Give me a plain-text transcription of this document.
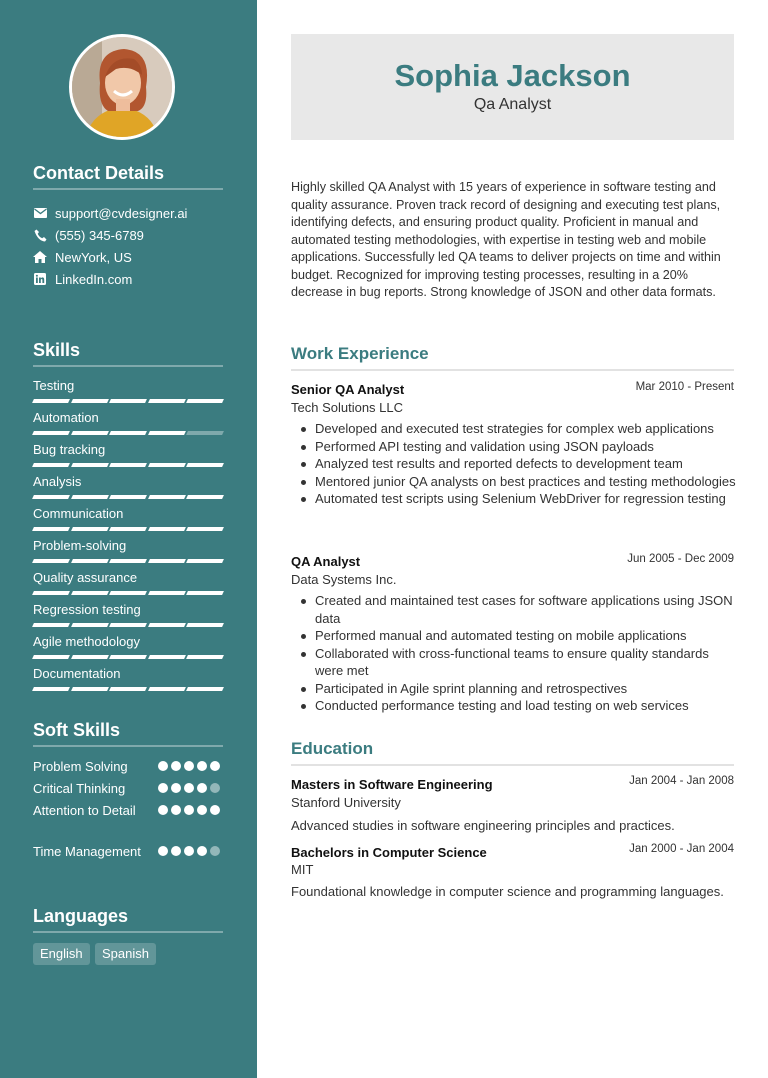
Contact Details
support@cvdesigner.ai
(555) 345-6789
NewYork, US
LinkedIn.com
Skills
Testing
Automation
Bug tracking
Analysis
Communication
Problem-solving
Quality assurance
Regression testing
Agile methodology
Documentation
Soft Skills
Problem Solving
Critical Thinking
Attention to Detail
Time Management
Languages
English	Spanish
Sophia Jackson
Qa Analyst
Highly skilled QA Analyst with 15 years of experience in software testing and quality assurance. Proven track record of designing and executing test plans, identifying defects, and ensuring product quality. Proficient in manual and automated testing methodologies, with expertise in testing web and mobile applications. Successfully led QA teams to deliver projects on time and within budget. Recognized for improving testing processes, resulting in a 20% decrease in bug reports. Strong knowledge of JSON and other data formats.
Work Experience
Senior QA Analyst	Mar 2010 - Present
Tech Solutions LLC
Developed and executed test strategies for complex web applications
Performed API testing and validation using JSON payloads
Analyzed test results and reported defects to development team
Mentored junior QA analysts on best practices and testing methodologies
Automated test scripts using Selenium WebDriver for regression testing
QA Analyst	Jun 2005 - Dec 2009
Data Systems Inc.
Created and maintained test cases for software applications using JSON data
Performed manual and automated testing on mobile applications
Collaborated with cross-functional teams to ensure quality standards were met
Participated in Agile sprint planning and retrospectives
Conducted performance testing and load testing on web services
Education
Masters in Software Engineering	Jan 2004 - Jan 2008
Stanford University
Advanced studies in software engineering principles and practices.
Bachelors in Computer Science	Jan 2000 - Jan 2004
MIT
Foundational knowledge in computer science and programming languages.
